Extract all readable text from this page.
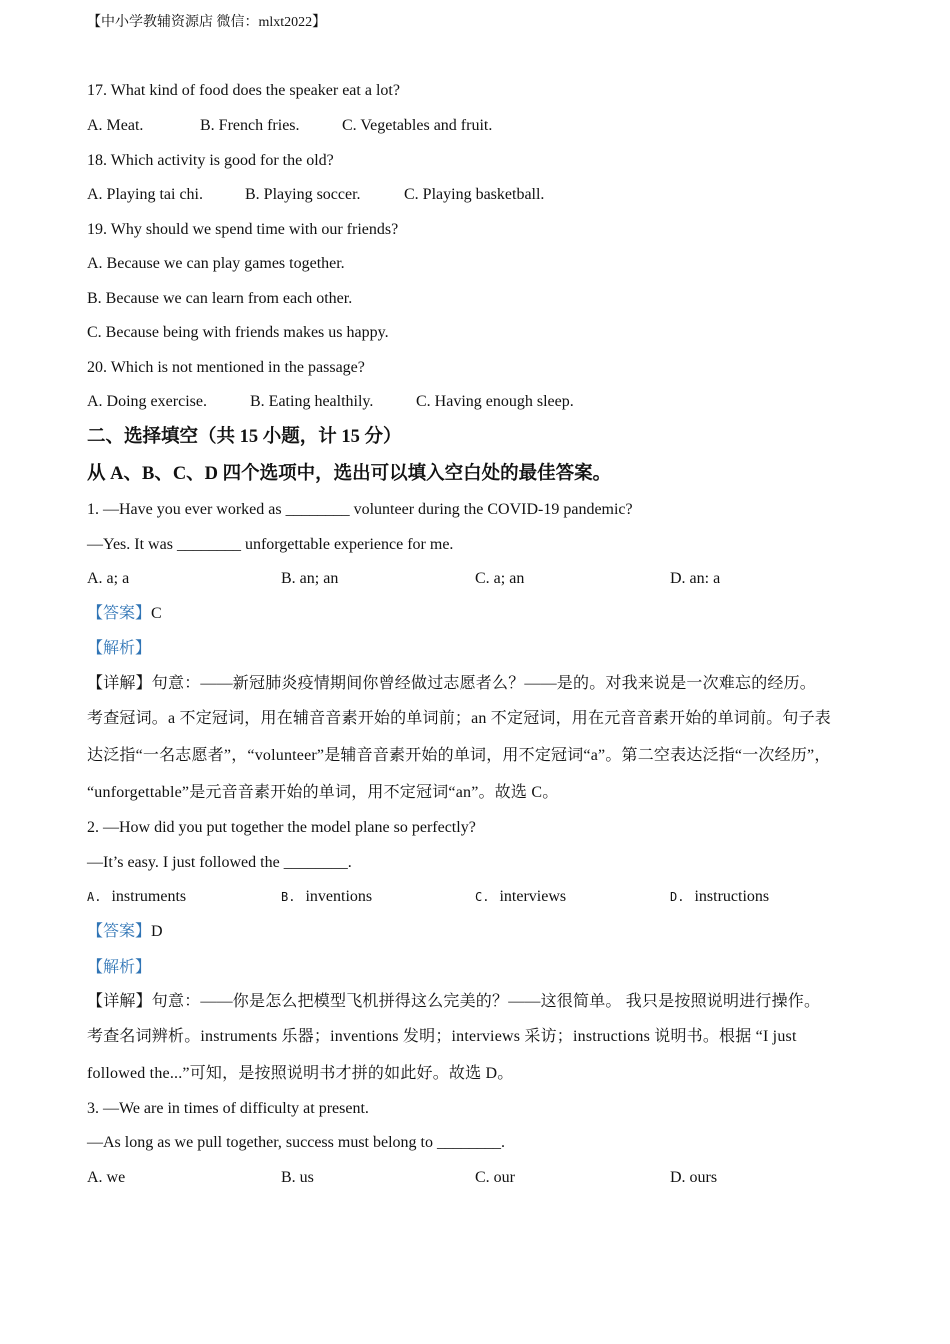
【中小学教辅资源店 微信：mlxt2022】
17. What kind of food does the speaker eat a lot?
A. Meat.	B. French fries.	C. Vegetables and fruit.
18. Which activity is good for the old?
A. Playing tai chi.	B. Playing soccer.	C. Playing basketball.
19. Why should we spend time with our friends?
A. Because we can play games together.
B. Because we can learn from each other.
C. Because being with friends makes us happy.
20. Which is not mentioned in the passage?
A. Doing exercise.	B. Eating healthily.	C. Having enough sleep.
二、选择填空（共 15 小题，计 15 分）
从 A、B、C、D 四个选项中，选出可以填入空白处的最佳答案。
1. —Have you ever worked as ________ volunteer during the COVID-19 pandemic?
—Yes. It was ________ unforgettable experience for me.
A. a; a	B. an; an	C. a; an	D. an: a
【答案】C
【解析】
【详解】句意：——新冠肺炎疫情期间你曾经做过志愿者么？——是的。对我来说是一次难忘的经历。
考查冠词。a 不定冠词，用在辅音音素开始的单词前；an 不定冠词，用在元音音素开始的单词前。句子表
达泛指“一名志愿者”，“volunteer”是辅音音素开始的单词，用不定冠词“a”。第二空表达泛指“一次经历”，
“unforgettable”是元音音素开始的单词，用不定冠词“an”。故选 C。
2. —How did you put together the model plane so perfectly?
—It’s easy. I just followed the ________.
A. instruments	B. inventions	C. interviews	D. instructions
【答案】D
【解析】
【详解】句意：——你是怎么把模型飞机拼得这么完美的？——这很简单。 我只是按照说明进行操作。
考查名词辨析。instruments 乐器；inventions 发明；interviews 采访；instructions 说明书。根据 “I just
followed the...”可知，是按照说明书才拼的如此好。故选 D。
3. —We are in times of difficulty at present.
—As long as we pull together, success must belong to ________.
A. we	B. us	C. our	D. ours
